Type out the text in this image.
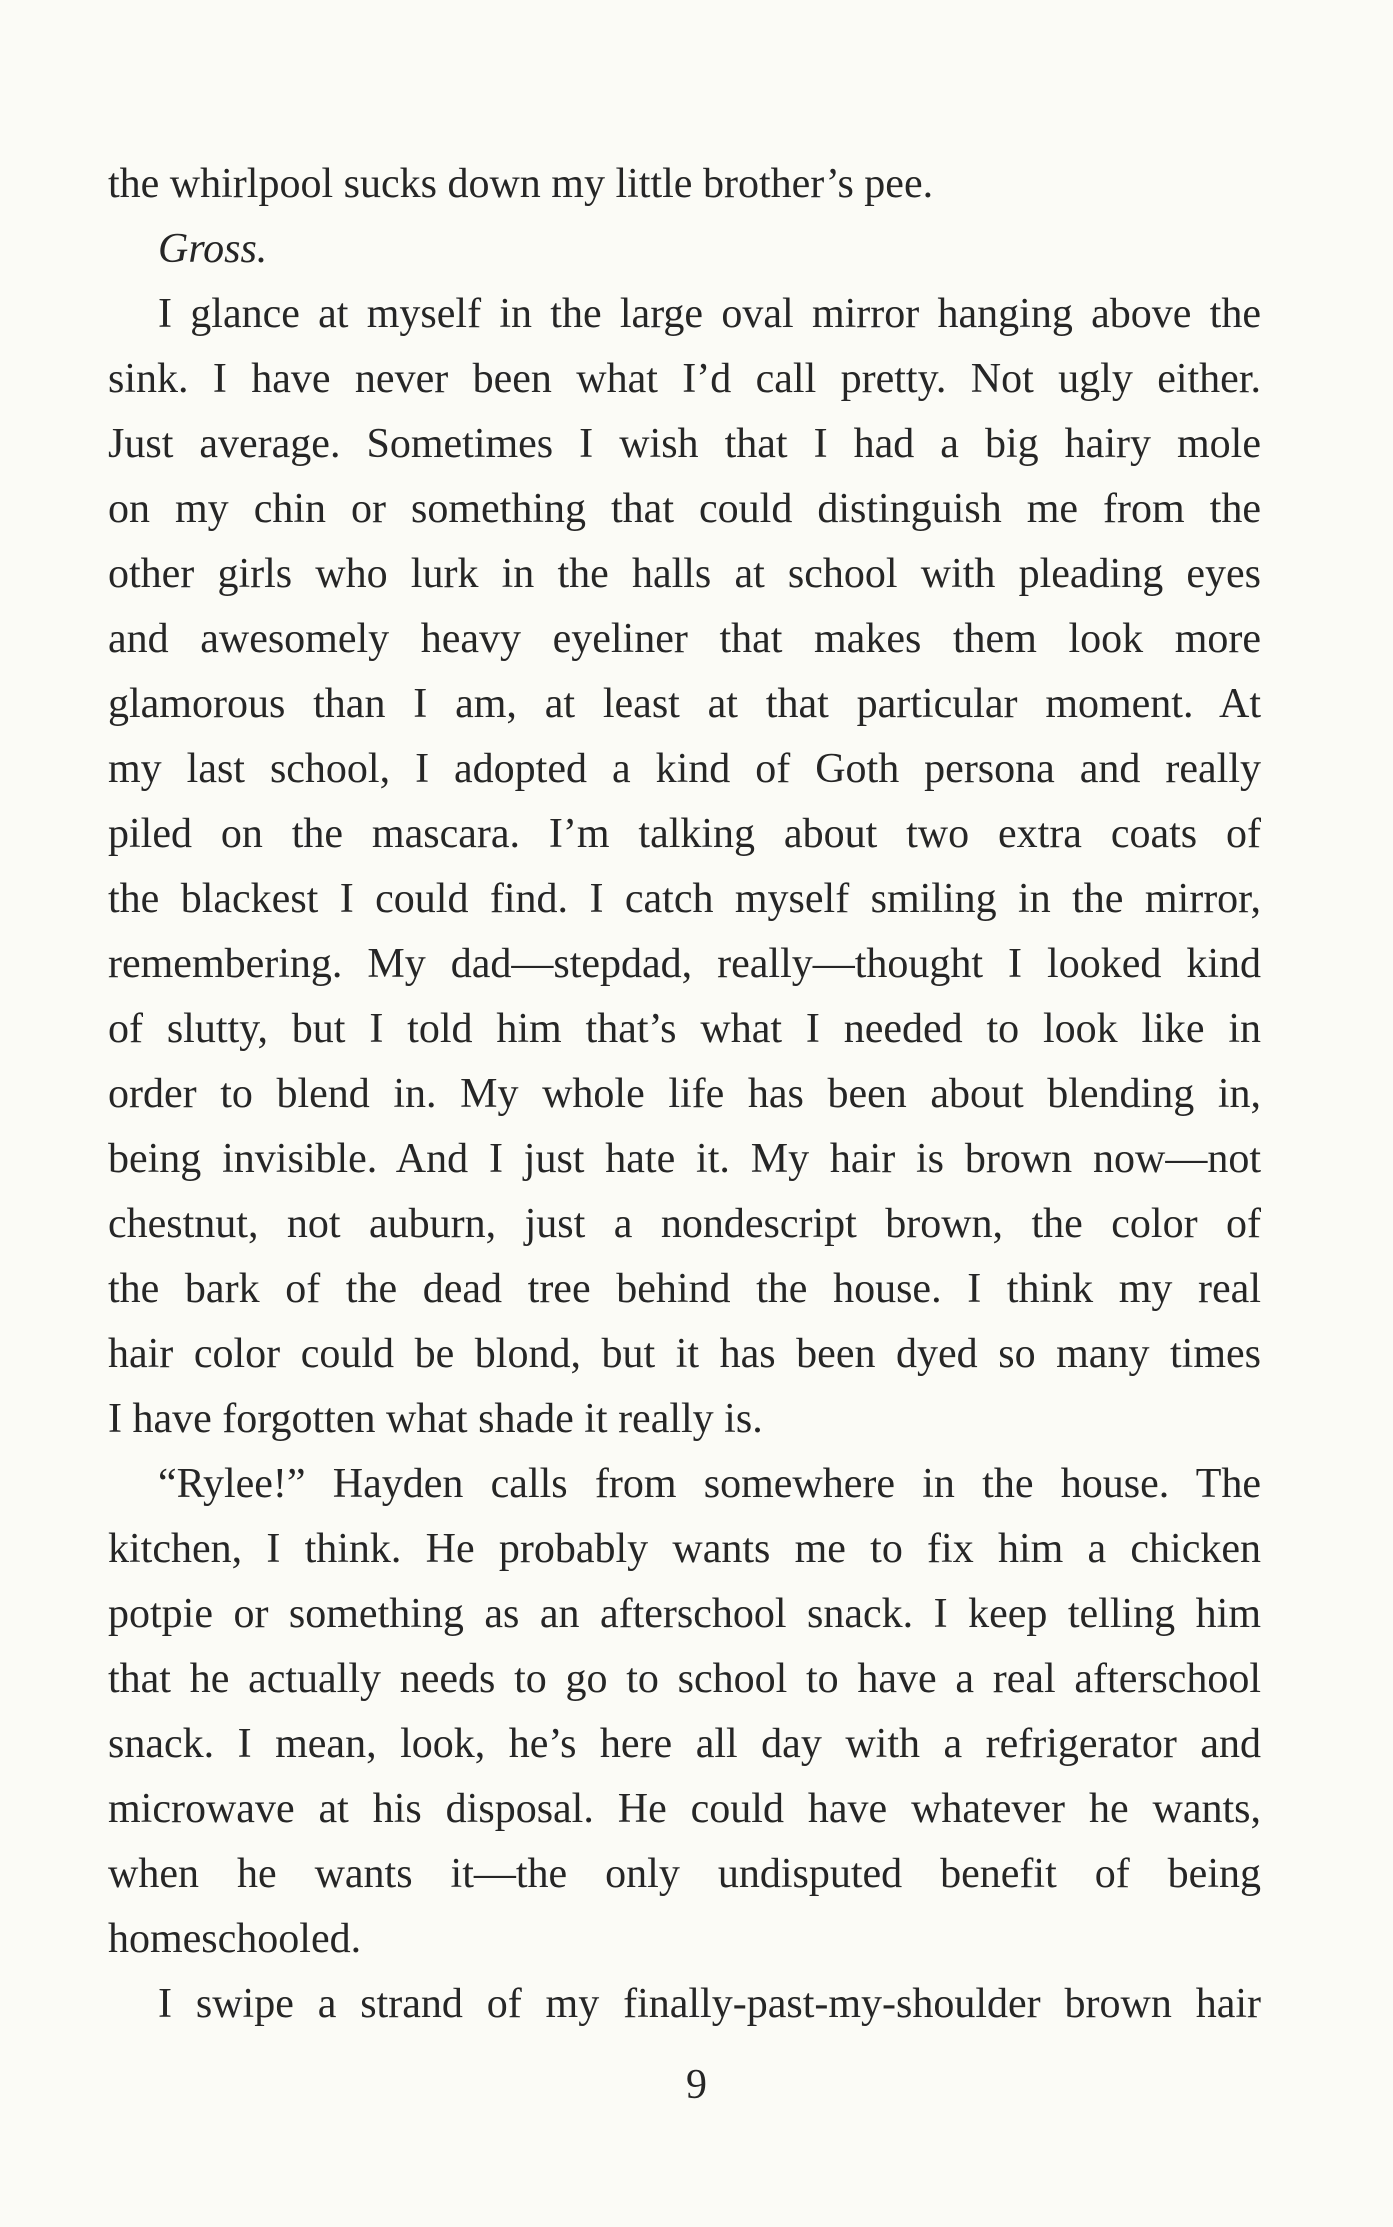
the whirlpool sucks down my little brother’s pee.
Gross.
I glance at myself in the large oval mirror hanging above the
sink. I have never been what I’d call pretty. Not ugly either.
Just average. Sometimes I wish that I had a big hairy mole
on my chin or something that could distinguish me from the
other girls who lurk in the halls at school with pleading eyes
and awesomely heavy eyeliner that makes them look more
glamorous than I am, at least at that particular moment. At
my last school, I adopted a kind of Goth persona and really
piled on the mascara. I’m talking about two extra coats of
the blackest I could find. I catch myself smiling in the mirror,
remembering. My dad—stepdad, really—thought I looked kind
of slutty, but I told him that’s what I needed to look like in
order to blend in. My whole life has been about blending in,
being invisible. And I just hate it. My hair is brown now—not
chestnut, not auburn, just a nondescript brown, the color of
the bark of the dead tree behind the house. I think my real
hair color could be blond, but it has been dyed so many times
I have forgotten what shade it really is.
“Rylee!” Hayden calls from somewhere in the house. The
kitchen, I think. He probably wants me to fix him a chicken
potpie or something as an afterschool snack. I keep telling him
that he actually needs to go to school to have a real afterschool
snack. I mean, look, he’s here all day with a refrigerator and
microwave at his disposal. He could have whatever he wants,
when he wants it—the only undisputed benefit of being
homeschooled.
I swipe a strand of my finally-past-my-shoulder brown hair
9
